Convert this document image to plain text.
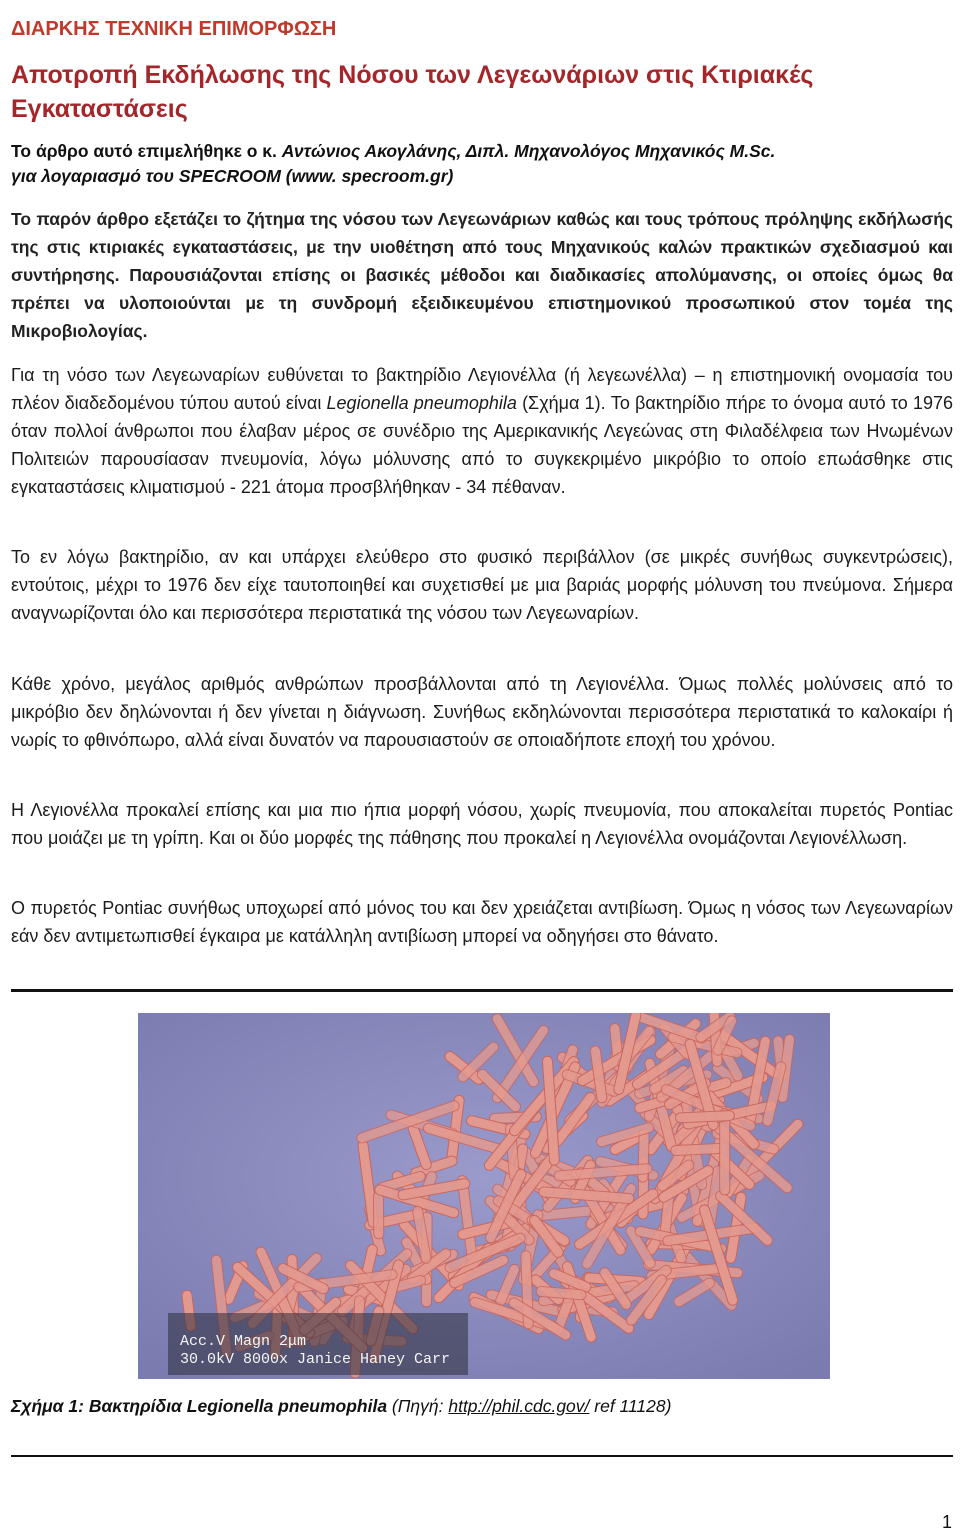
ΔΙΑΡΚΗΣ ΤΕΧΝΙΚΗ ΕΠΙΜΟΡΦΩΣΗ
Αποτροπή Εκδήλωσης της Νόσου των Λεγεωνάριων στις Κτιριακές Εγκαταστάσεις
Το άρθρο αυτό επιμελήθηκε ο κ. Αντώνιος Ακογλάνης, Διπλ. Μηχανολόγος Μηχανικός M.Sc.
για λογαριασμό του SPECROOM (www. specroom.gr)
Το παρόν άρθρο εξετάζει το ζήτημα της νόσου των Λεγεωνάριων καθώς και τους τρόπους πρόληψης εκδήλωσής της στις κτιριακές εγκαταστάσεις, με την υιοθέτηση από τους Μηχανικούς καλών πρακτικών σχεδιασμού και συντήρησης. Παρουσιάζονται επίσης οι βασικές μέθοδοι και διαδικασίες απολύμανσης, οι οποίες όμως θα πρέπει να υλοποιούνται με τη συνδρομή εξειδικευμένου επιστημονικού προσωπικού στον τομέα της Μικροβιολογίας.
Για τη νόσο των Λεγεωναρίων ευθύνεται το βακτηρίδιο Λεγιονέλλα (ή λεγεωνέλλα) – η επιστημονική ονομασία του πλέον διαδεδομένου τύπου αυτού είναι Legionella pneumophila (Σχήμα 1). Το βακτηρίδιο πήρε το όνομα αυτό το 1976 όταν πολλοί άνθρωποι που έλαβαν μέρος σε συνέδριο της Αμερικανικής Λεγεώνας στη Φιλαδέλφεια των Ηνωμένων Πολιτειών παρουσίασαν πνευμονία, λόγω μόλυνσης από το συγκεκριμένο μικρόβιο το οποίο επωάσθηκε στις εγκαταστάσεις κλιματισμού - 221 άτομα προσβλήθηκαν - 34 πέθαναν.
Το εν λόγω βακτηρίδιο, αν και υπάρχει ελεύθερο στο φυσικό περιβάλλον (σε μικρές συνήθως συγκεντρώσεις), εντούτοις, μέχρι το 1976 δεν είχε ταυτοποιηθεί και συχετισθεί με μια βαριάς μορφής μόλυνση του πνεύμονα. Σήμερα αναγνωρίζονται όλο και περισσότερα περιστατικά της νόσου των Λεγεωναρίων.
Κάθε χρόνο, μεγάλος αριθμός ανθρώπων προσβάλλονται από τη Λεγιονέλλα. Όμως πολλές μολύνσεις από το μικρόβιο δεν δηλώνονται ή δεν γίνεται η διάγνωση. Συνήθως εκδηλώνονται περισσότερα περιστατικά το καλοκαίρι ή νωρίς το φθινόπωρο, αλλά είναι δυνατόν να παρουσιαστούν σε οποιαδήποτε εποχή του χρόνου.
Η Λεγιονέλλα προκαλεί επίσης και μια πιο ήπια μορφή νόσου, χωρίς πνευμονία, που αποκαλείται πυρετός Pontiac που μοιάζει με τη γρίπη. Και οι δύο μορφές της πάθησης που προκαλεί η Λεγιονέλλα ονομάζονται Λεγιονέλλωση.
Ο πυρετός Pontiac συνήθως υποχωρεί από μόνος του και δεν χρειάζεται αντιβίωση. Όμως η νόσος των Λεγεωναρίων εάν δεν αντιμετωπισθεί έγκαιρα με κατάλληλη αντιβίωση μπορεί να οδηγήσει στο θάνατο.
Acc.V Magn 2μm
30.0kV 8000x Janice Haney Carr
Σχήμα 1: Βακτηρίδια Legionella pneumophila (Πηγή: http://phil.cdc.gov/ ref 11128)
1
